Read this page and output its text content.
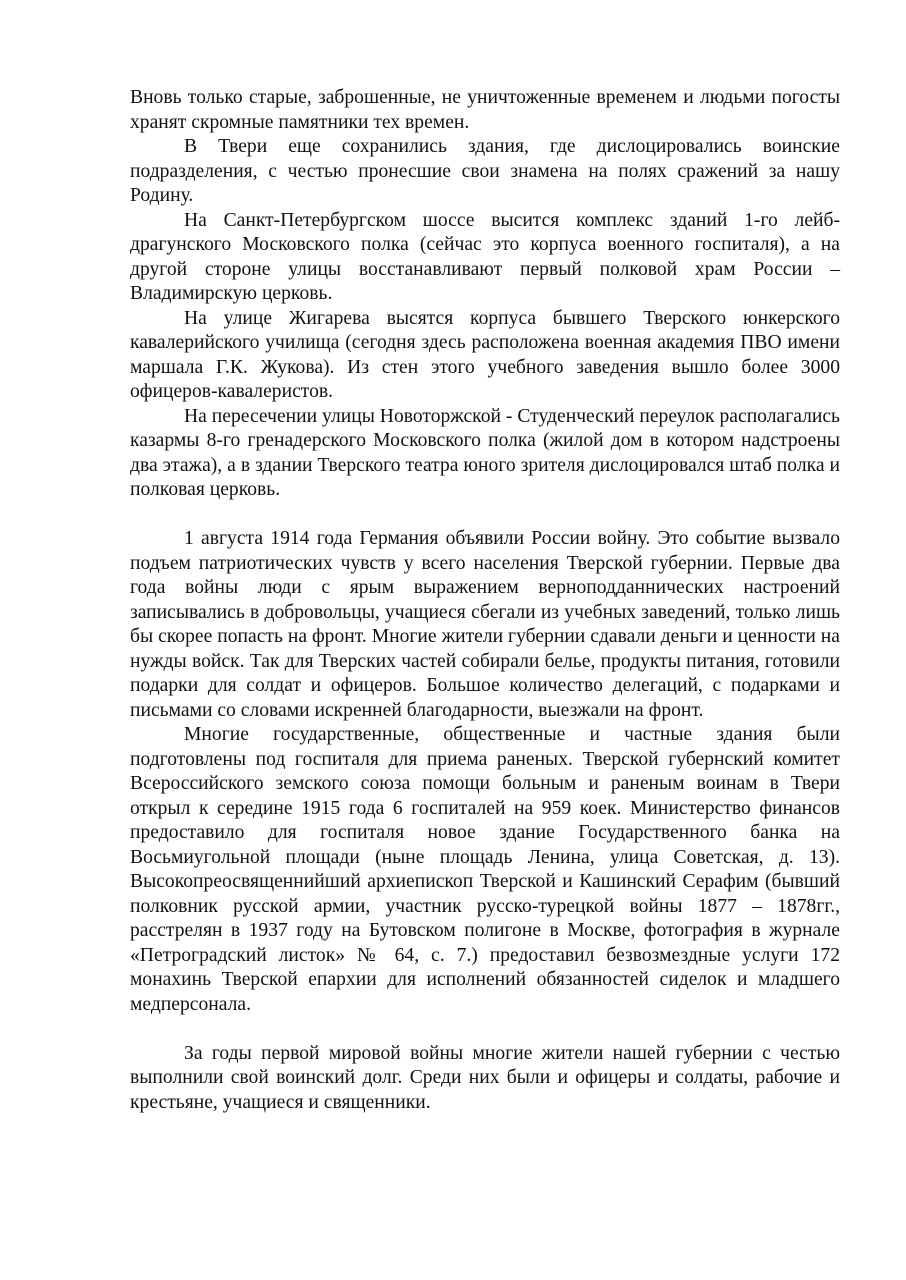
Вновь только старые, заброшенные, не уничтоженные временем и людьми погосты хранят скромные памятники тех времен.

В Твери еще сохранились здания, где дислоцировались воинские подразделения, с честью пронесшие свои знамена на полях сражений за нашу Родину.

На Санкт-Петербургском шоссе высится комплекс зданий 1-го лейб-драгунского Московского полка (сейчас это корпуса военного госпиталя), а на другой стороне улицы восстанавливают первый полковой храм России – Владимирскую церковь.

На улице Жигарева высятся корпуса бывшего Тверского юнкерского кавалерийского училища (сегодня здесь расположена военная академия ПВО имени маршала Г.К. Жукова). Из стен этого учебного заведения вышло более 3000 офицеров-кавалеристов.

На пересечении улицы Новоторжской - Студенческий переулок располагались казармы 8-го гренадерского Московского полка (жилой дом в котором надстроены два этажа), а в здании Тверского театра юного зрителя дислоцировался штаб полка и полковая церковь.

1 августа 1914 года Германия объявили России войну. Это событие вызвало подъем патриотических чувств у всего населения Тверской губернии. Первые два года войны люди с ярым выражением верноподданнических настроений записывались в добровольцы, учащиеся сбегали из учебных заведений, только лишь бы скорее попасть на фронт. Многие жители губернии сдавали деньги и ценности на нужды войск. Так для Тверских частей собирали белье, продукты питания, готовили подарки для солдат и офицеров. Большое количество делегаций, с подарками и письмами со словами искренней благодарности, выезжали на фронт.

Многие государственные, общественные и частные здания были подготовлены под госпиталя для приема раненых. Тверской губернский комитет Всероссийского земского союза помощи больным и раненым воинам в Твери открыл к середине 1915 года 6 госпиталей на 959 коек. Министерство финансов предоставило для госпиталя новое здание Государственного банка на Восьмиугольной площади (ныне площадь Ленина, улица Советская, д. 13). Высокопреосвященнийший архиепископ Тверской и Кашинский Серафим (бывший полковник русской армии, участник русско-турецкой войны 1877 – 1878гг., расстрелян в 1937 году на Бутовском полигоне в Москве, фотография в журнале «Петроградский листок» № 64, с. 7.) предоставил безвозмездные услуги 172 монахинь Тверской епархии для исполнений обязанностей сиделок и младшего медперсонала.

За годы первой мировой войны многие жители нашей губернии с честью выполнили свой воинский долг. Среди них были и офицеры и солдаты, рабочие и крестьяне, учащиеся и священники.
